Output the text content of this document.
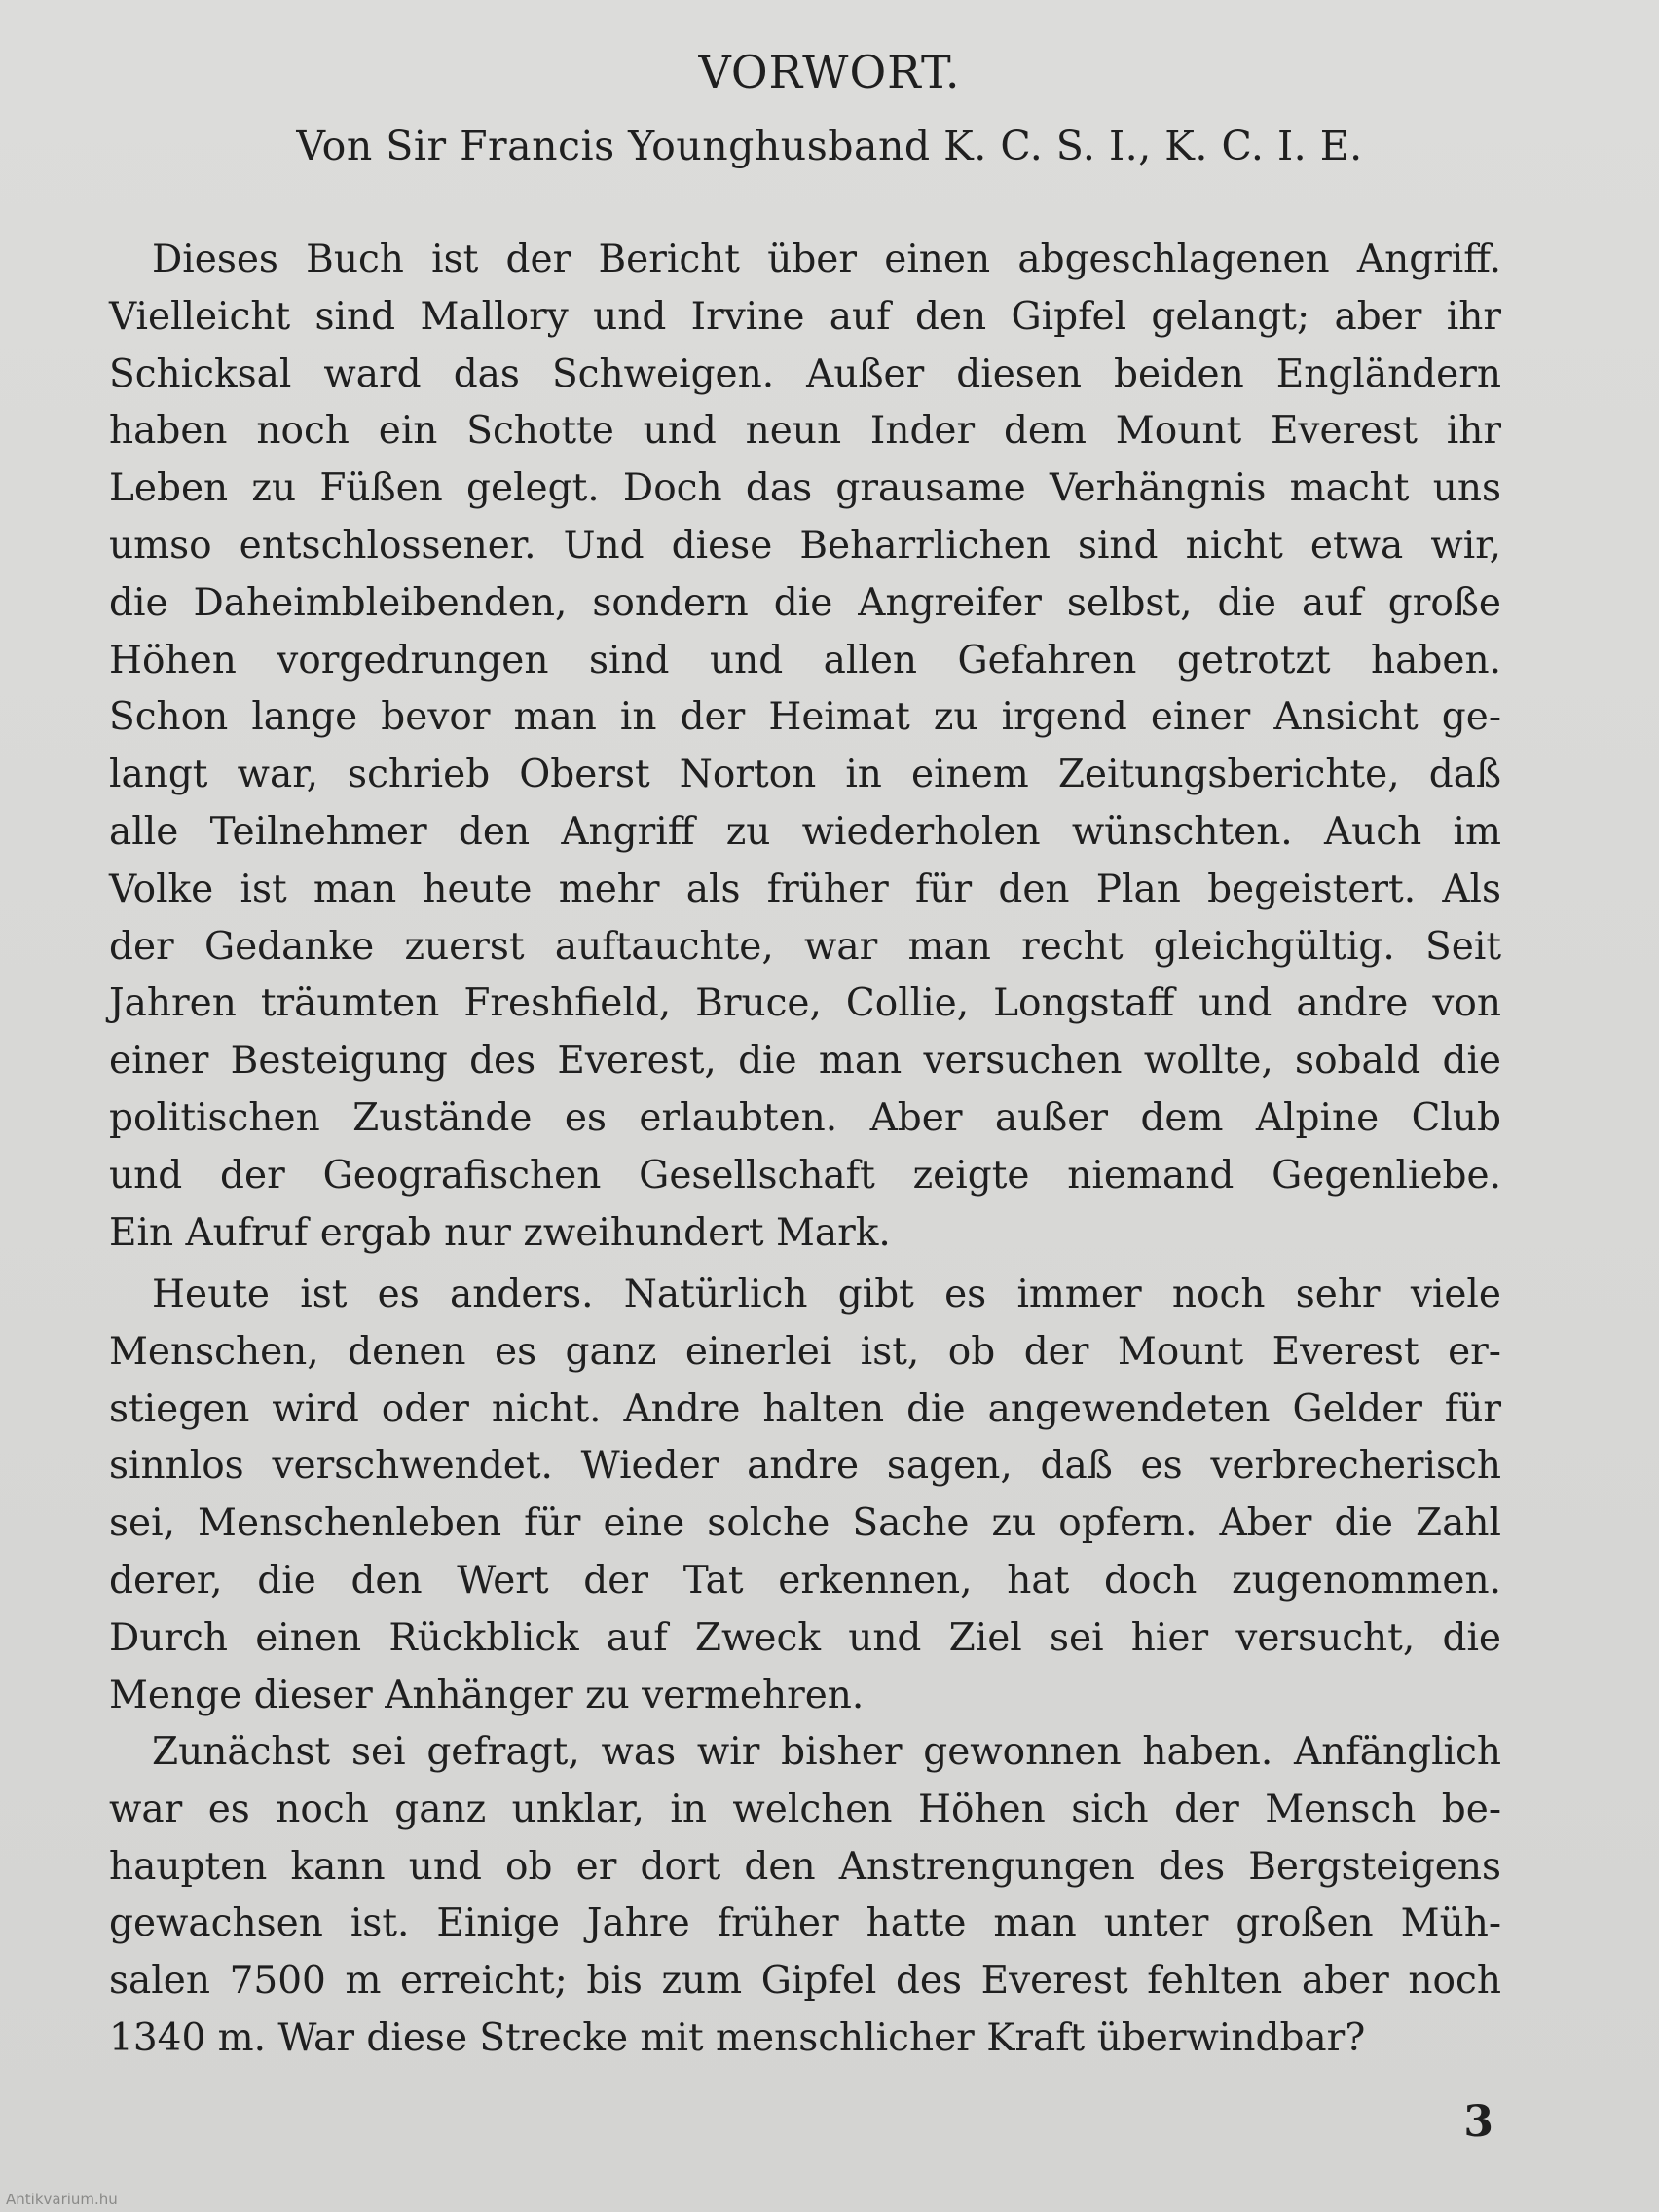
VORWORT.
Von Sir Francis Younghusband K. C. S. I., K. C. I. E.
Dieses Buch ist der Bericht über einen abgeschlagenen Angriff.
Vielleicht sind Mallory und Irvine auf den Gipfel gelangt; aber ihr
Schicksal ward das Schweigen. Außer diesen beiden Engländern
haben noch ein Schotte und neun Inder dem Mount Everest ihr
Leben zu Füßen gelegt. Doch das grausame Verhängnis macht uns
umso entschlossener. Und diese Beharrlichen sind nicht etwa wir,
die Daheimbleibenden, sondern die Angreifer selbst, die auf große
Höhen vorgedrungen sind und allen Gefahren getrotzt haben.
Schon lange bevor man in der Heimat zu irgend einer Ansicht ge-
langt war, schrieb Oberst Norton in einem Zeitungsberichte, daß
alle Teilnehmer den Angriff zu wiederholen wünschten. Auch im
Volke ist man heute mehr als früher für den Plan begeistert. Als
der Gedanke zuerst auftauchte, war man recht gleichgültig. Seit
Jahren träumten Freshfield, Bruce, Collie, Longstaff und andre von
einer Besteigung des Everest, die man versuchen wollte, sobald die
politischen Zustände es erlaubten. Aber außer dem Alpine Club
und der Geografischen Gesellschaft zeigte niemand Gegenliebe.
Ein Aufruf ergab nur zweihundert Mark.
Heute ist es anders. Natürlich gibt es immer noch sehr viele
Menschen, denen es ganz einerlei ist, ob der Mount Everest er-
stiegen wird oder nicht. Andre halten die angewendeten Gelder für
sinnlos verschwendet. Wieder andre sagen, daß es verbrecherisch
sei, Menschenleben für eine solche Sache zu opfern. Aber die Zahl
derer, die den Wert der Tat erkennen, hat doch zugenommen.
Durch einen Rückblick auf Zweck und Ziel sei hier versucht, die
Menge dieser Anhänger zu vermehren.
Zunächst sei gefragt, was wir bisher gewonnen haben. Anfänglich
war es noch ganz unklar, in welchen Höhen sich der Mensch be-
haupten kann und ob er dort den Anstrengungen des Bergsteigens
gewachsen ist. Einige Jahre früher hatte man unter großen Müh-
salen 7500 m erreicht; bis zum Gipfel des Everest fehlten aber noch
1340 m. War diese Strecke mit menschlicher Kraft überwindbar?

3

Antikvarium.hu
